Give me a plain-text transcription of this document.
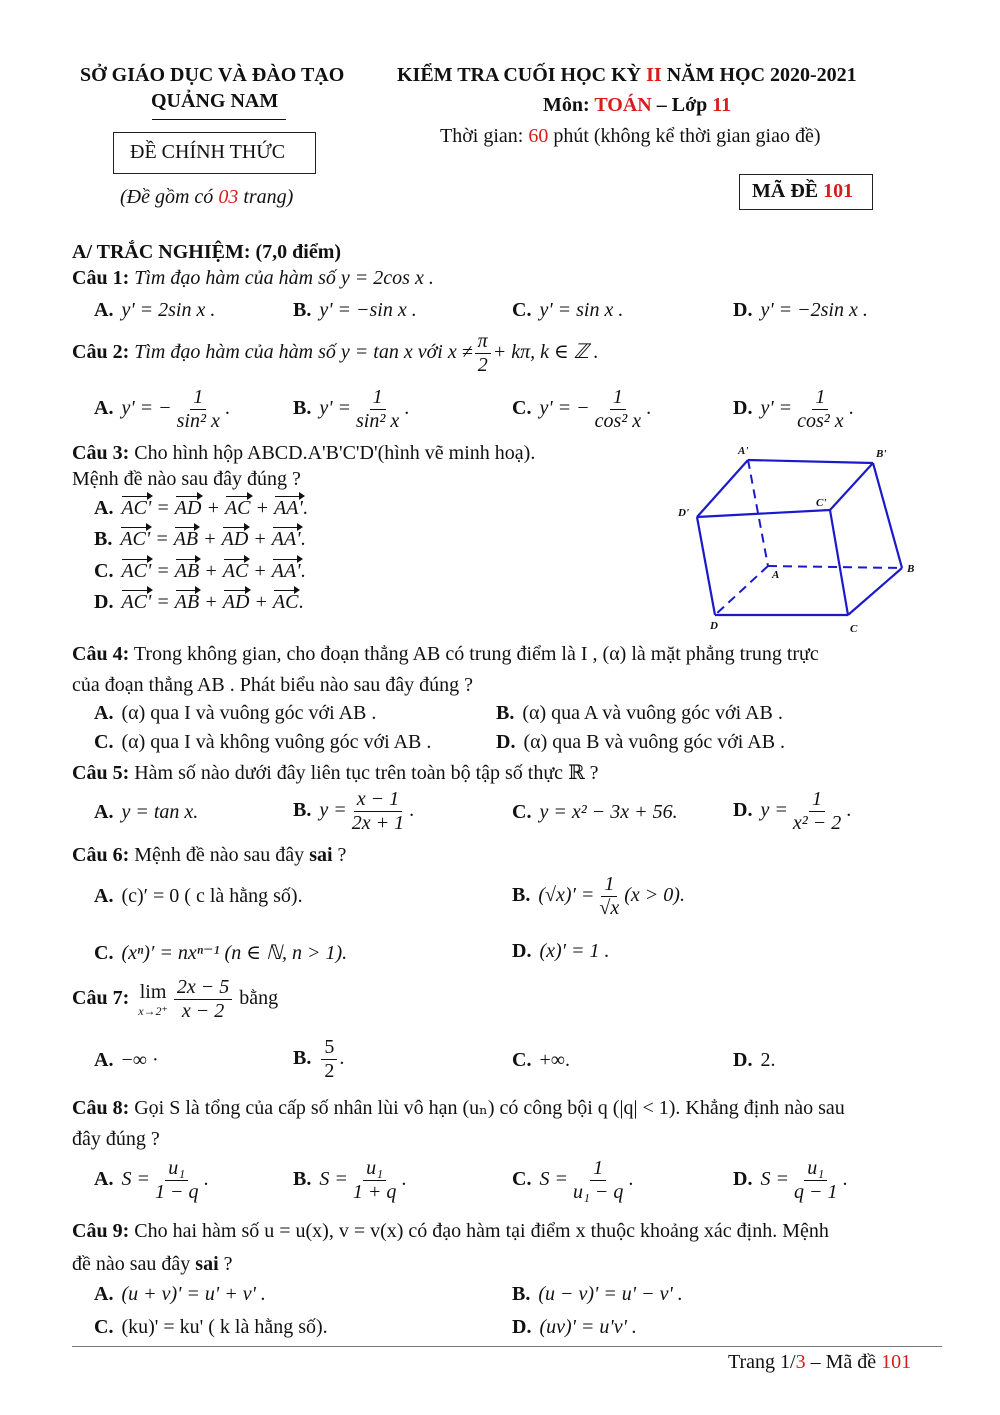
SỞ GIÁO DỤC VÀ ĐÀO TẠO
QUẢNG NAM
ĐỀ CHÍNH THỨC
(Đề gồm có 03 trang)
KIỂM TRA CUỐI HỌC KỲ II NĂM HỌC 2020-2021
Môn: TOÁN – Lớp 11
Thời gian: 60 phút (không kể thời gian giao đề)
MÃ ĐỀ 101
A/ TRẮC NGHIỆM: (7,0 điểm)
Câu 1: Tìm đạo hàm của hàm số y = 2cos x .
A. y' = 2sin x .	B. y' = −sin x .	C. y' = sin x .	D. y' = −2sin x .
Câu 2: Tìm đạo hàm của hàm số y = tan x với $x \ne \frac{\pi}{2} + k\pi$, k ∈ ℤ .
A. y' = − $\frac{1}{\text{sin² x}}$ .	B. $y' = \frac{1}{\text{sin² x}}$ .	C. y' = − $\frac{1}{\text{cos² x}}$ .	D. $y' = \frac{1}{\text{cos² x}}$ .
Câu 3: Cho hình hộp ABCD.A'B'C'D'(hình vẽ minh hoạ).
Mệnh đề nào sau đây đúng ?
A. AC' = AD + AC + AA'.
B. AC' = AB + AD + AA'.
C. AC' = AB + AC + AA'.
D. AC' = AB + AD + AC.
A'	B'
C'
D'
A	B
C
D
Câu 4: Trong không gian, cho đoạn thẳng AB có trung điểm là I , (α) là mặt phẳng trung trực
của đoạn thẳng AB . Phát biểu nào sau đây đúng ?
A. (α) qua I và vuông góc với AB .	B. (α) qua A và vuông góc với AB .
C. (α) qua I và không vuông góc với AB .	D. (α) qua B và vuông góc với AB .
Câu 5: Hàm số nào dưới đây liên tục trên toàn bộ tập số thực ℝ ?
A. y = tan x.	B. $y = \frac{x - 1}{2x + 1}$ .	C. y = x² − 3x + 56.	D. $y = \frac{1}{\text{x² − 2}}$ .
Câu 6: Mệnh đề nào sau đây sai ?
A. (c)′ = 0 ( c là hằng số).	B. $(√x)' = \frac{1}{√x} (x > 0)$.
C. (xⁿ)′ = nxⁿ⁻¹ (n ∈ ℕ, n > 1).	D. (x)′ = 1 .
Câu 7: lim
$x\to 2^+ \frac{2x - 5}{x - 2}$ bằng
A. −∞ ·	B. $\frac{5}{2}$ .	C. +∞.	D. 2.
Câu 8: Gọi S là tổng của cấp số nhân lùi vô hạn (uₙ) có công bội q (|q| < 1). Khẳng định nào sau
đây đúng ?
A. $S = \frac{\text{u₁}}{1 - q}$ .	B. $S = \frac{\text{u₁}}{1 + q}$ .	C. $S = \frac{1}{\text{u₁ − q}}$ .	D. $S = \frac{\text{u₁}}{q - 1}$ .
Câu 9: Cho hai hàm số u = u(x), v = v(x) có đạo hàm tại điểm x thuộc khoảng xác định. Mệnh
đề nào sau đây sai ?
A. (u + v)' = u' + v' .	B. (u − v)' = u' − v' .
C. (ku)' = ku' ( k là hằng số).	D. (uv)' = u'v' .
Trang 1/3 – Mã đề 101
